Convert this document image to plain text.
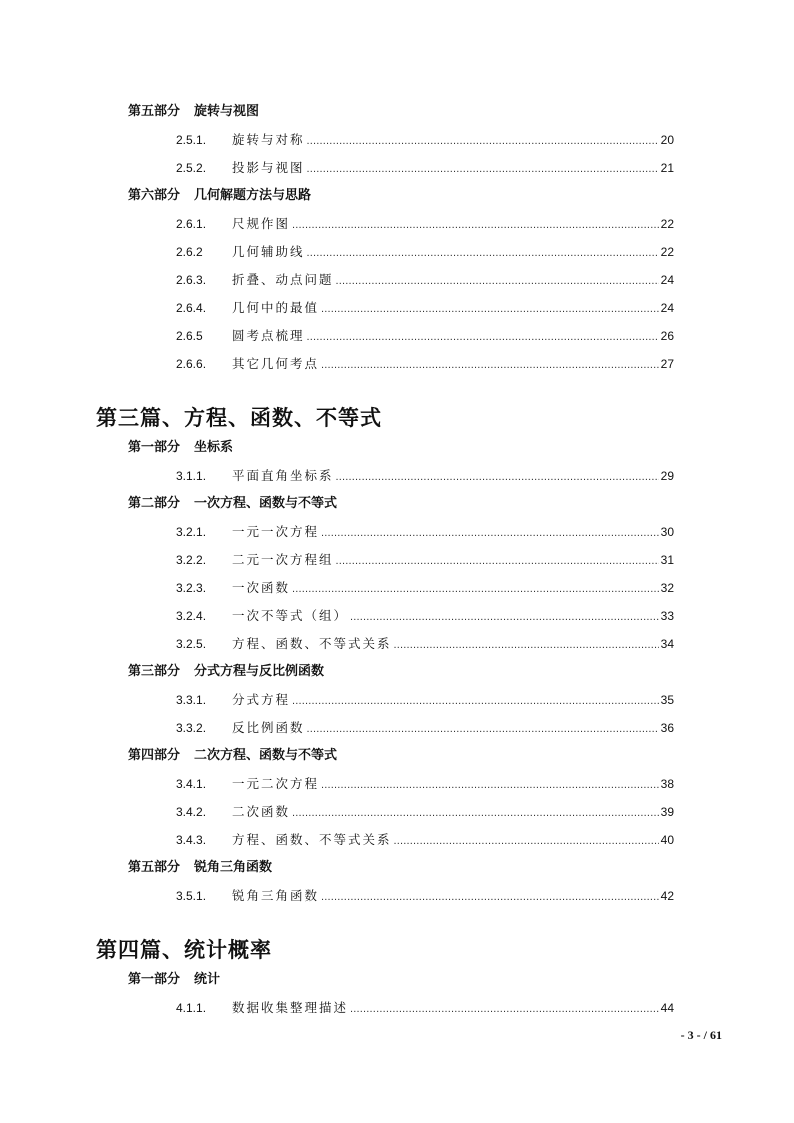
第五部分 旋转与视图
2.5.1.	旋转与对称 .....	20
2.5.2.	投影与视图 .....	21
第六部分 几何解题方法与思路
2.6.1.	尺规作图 .....	22
2.6.2	几何辅助线 .....	22
2.6.3.	折叠、动点问题 .....	24
2.6.4.	几何中的最值 .....	24
2.6.5	圆考点梳理 .....	26
2.6.6.	其它几何考点 .....	27
第三篇、方程、函数、不等式
第一部分 坐标系
3.1.1.	平面直角坐标系 .....	29
第二部分 一次方程、函数与不等式
3.2.1.	一元一次方程 .....	30
3.2.2.	二元一次方程组 .....	31
3.2.3.	一次函数 .....	32
3.2.4.	一次不等式（组） .....	33
3.2.5.	方程、函数、不等式关系 .....	34
第三部分 分式方程与反比例函数
3.3.1.	分式方程 .....	35
3.3.2.	反比例函数 .....	36
第四部分 二次方程、函数与不等式
3.4.1.	一元二次方程 .....	38
3.4.2.	二次函数 .....	39
3.4.3.	方程、函数、不等式关系 .....	40
第五部分 锐角三角函数
3.5.1.	锐角三角函数 .....	42
第四篇、统计概率
第一部分 统计
4.1.1.	数据收集整理描述 .....	44
- 3 - / 61
